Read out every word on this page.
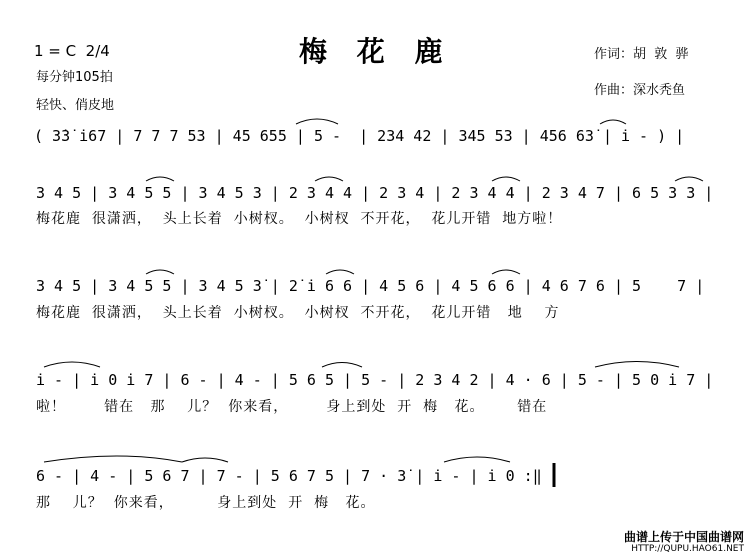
梅 花 鹿
1 = C  2/4
每分钟105拍
轻快、俏皮地
作词：胡  敦  骅
作曲：深水秃鱼
( 3̇3̇ i̇67 | 7 7 7 53 | 45 655 | 5 -  | 234 42 | 345 53 | 456 63̇ | i̇ - ) |
3 4 5 | 3 4 5 5 | 3 4 5 3 | 2 3 4 4 | 2 3 4 | 2 3 4 4 | 2 3 4 7 | 6 5 3 3 |
梅花鹿  很潇洒，  头上长着  小树杈。  小树杈  不开花，  花儿开错  地方啦！
3 4 5 | 3 4 5 5 | 3 4 5 3̇ | 2̇ i̇ 6 6 | 4 5 6 | 4 5 6 6 | 4 6 7 6 | 5    7 |
梅花鹿  很潇洒，  头上长着  小树杈。  小树杈  不开花，  花儿开错   地    方
i̇ - | i̇ 0 i̇ 7 | 6 - | 4 - | 5 6 5 | 5 - | 2 3 4 2 | 4 · 6 | 5 - | 5 0 i̇ 7 |
啦！       错在   那    儿？  你来看，       身上到处  开  梅   花。      错在
6 - | 4 - | 5 6 7 | 7 - | 5 6 7 5 | 7 · 3̇ | i̇ - | i̇ 0 :‖
那    儿？  你来看，        身上到处  开  梅   花。
曲谱上传于中国曲谱网
HTTP://QUPU.HAO61.NET
